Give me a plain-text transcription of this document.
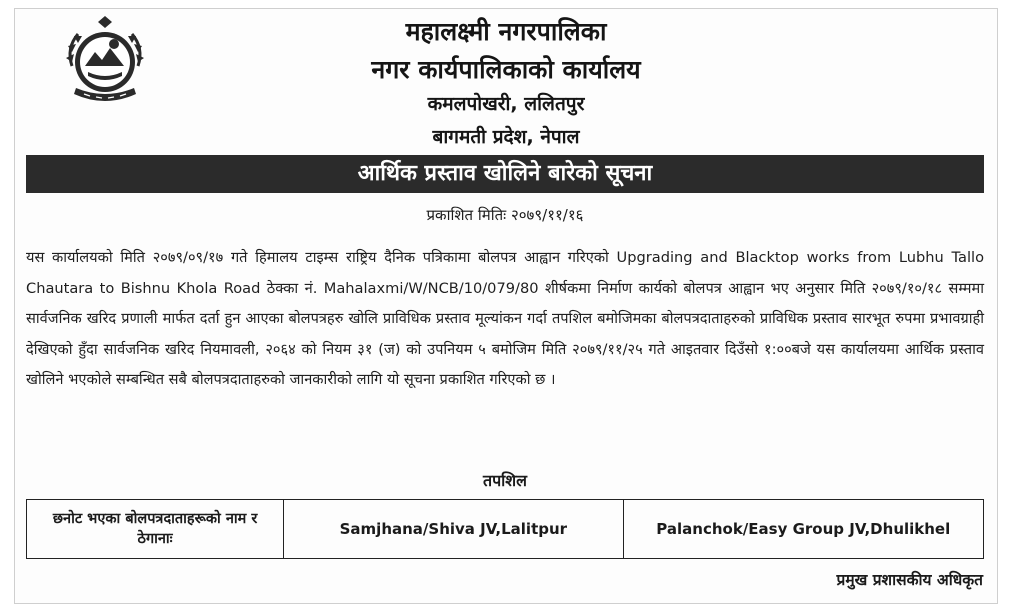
महालक्ष्मी नगरपालिका
नगर कार्यपालिकाको कार्यालय
कमलपोखरी, ललितपुर
बागमती प्रदेश, नेपाल
आर्थिक प्रस्ताव खोलिने बारेको सूचना
प्रकाशित मितिः २०७९/११/१६
यस कार्यालयको मिति २०७९/०९/१७ गते हिमालय टाइम्स राष्ट्रिय दैनिक पत्रिकामा बोलपत्र आह्वान गरिएको Upgrading and Blacktop works from Lubhu Tallo Chautara to Bishnu Khola Road ठेक्का नं. Mahalaxmi/W/NCB/10/079/80 शीर्षकमा निर्माण कार्यको बोलपत्र आह्वान भए अनुसार मिति २०७९/१०/१८ सम्ममा सार्वजनिक खरिद प्रणाली मार्फत दर्ता हुन आएका बोलपत्रहरु खोलि प्राविधिक प्रस्ताव मूल्यांकन गर्दा तपशिल बमोजिमका बोलपत्रदाताहरुको प्राविधिक प्रस्ताव सारभूत रुपमा प्रभावग्राही देखिएको हुँदा सार्वजनिक खरिद नियमावली, २०६४ को नियम ३१ (ज) को उपनियम ५ बमोजिम मिति २०७९/११/२५ गते आइतवार दिउँसो १:००बजे यस कार्यालयमा आर्थिक प्रस्ताव खोलिने भएकोले सम्बन्धित सबै बोलपत्रदाताहरुको जानकारीको लागि यो सूचना प्रकाशित गरिएको छ ।
तपशिल
छनोट भएका बोलपत्रदाताहरूको नाम र ठेगानाः	Samjhana/Shiva JV,Lalitpur	Palanchok/Easy Group JV,Dhulikhel
प्रमुख प्रशासकीय अधिकृत
